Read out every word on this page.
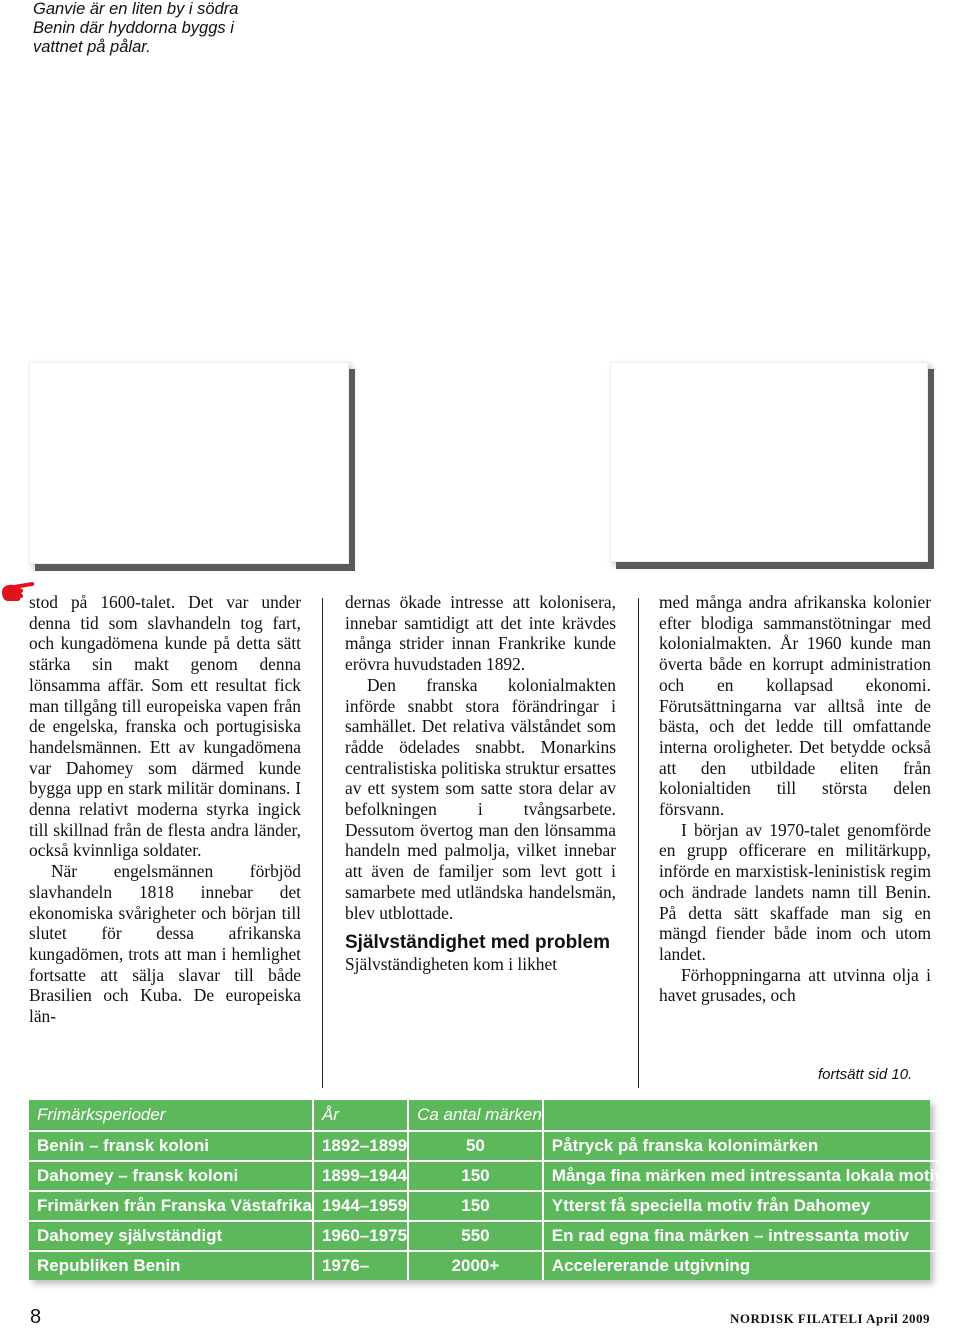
Ganvie är en liten by i södra Benin där hyddorna byggs i vattnet på pålar.

stod på 1600-talet. Det var under denna tid som slavhandeln tog fart, och kungadömena kunde på detta sätt stärka sin makt genom denna lönsamma affär. Som ett resultat fick man tillgång till europeiska vapen från de engelska, franska och portugisiska handelsmännen. Ett av kungadömena var Dahomey som därmed kunde bygga upp en stark militär dominans. I denna relativt moderna styrka ingick till skillnad från de flesta andra länder, också kvinnliga soldater.

När engelsmännen förbjöd slavhandeln 1818 innebar det ekonomiska svårigheter och början till slutet för dessa afrikanska kungadömen, trots att man i hemlighet fortsatte att sälja slavar till både Brasilien och Kuba. De europeiska län-

dernas ökade intresse att kolonisera, innebar samtidigt att det inte krävdes många strider innan Frankrike kunde erövra huvudstaden 1892.

Den franska kolonialmakten införde snabbt stora förändringar i samhället. Det relativa välståndet som rådde ödelades snabbt. Monarkins centralistiska politiska struktur ersattes av ett system som satte stora delar av befolkningen i tvångsarbete. Dessutom övertog man den lönsamma handeln med palmolja, vilket innebar att även de familjer som levt gott i samarbete med utländska handelsmän, blev utblottade.

Självständighet med problem

Självständigheten kom i likhet

med många andra afrikanska kolonier efter blodiga sammanstötningar med kolonialmakten. År 1960 kunde man överta både en korrupt administration och en kollapsad ekonomi. Förutsättningarna var alltså inte de bästa, och det ledde till omfattande interna oroligheter. Det betydde också att den utbildade eliten från kolonialtiden till största delen försvann.

I början av 1970-talet genomförde en grupp officerare en militärkupp, införde en marxistisk-leninistisk regim och ändrade landets namn till Benin. På detta sätt skaffade man sig en mängd fiender både inom och utom landet.

Förhoppningarna att utvinna olja i havet grusades, och

fortsätt sid 10.
Frimärksperioder	År	Ca antal märken	
Benin – fransk koloni	1892–1899	50	Påtryck på franska kolonimärken
Dahomey – fransk koloni	1899–1944	150	Många fina märken med intressanta lokala motiv
Frimärken från Franska Västafrika	1944–1959	150	Ytterst få speciella motiv från Dahomey
Dahomey självständigt	1960–1975	550	En rad egna fina märken – intressanta motiv
Republiken Benin	1976–	2000+	Accelererande utgivning
8	NORDISK FILATELI April 2009
